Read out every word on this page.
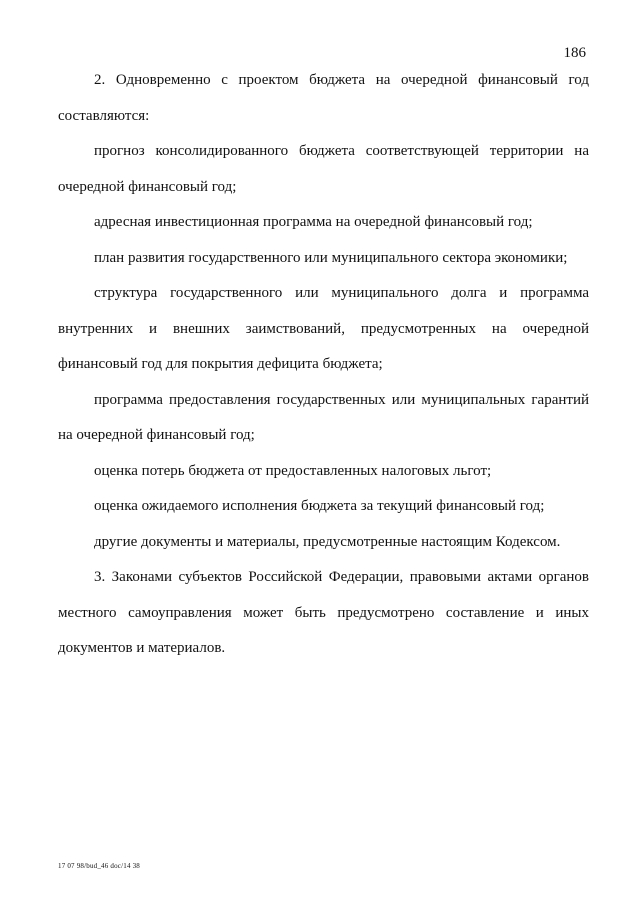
186

2. Одновременно с проектом бюджета на очередной финансовый год составляются:

прогноз консолидированного бюджета соответствующей территории на очередной финансовый год;

адресная инвестиционная программа на очередной финансовый год;

план развития государственного или муниципального сектора экономики;

структура государственного или муниципального долга и программа внутренних и внешних заимствований, предусмотренных на очередной финансовый год для покрытия дефицита бюджета;

программа предоставления государственных или муниципальных гарантий на очередной финансовый год;

оценка потерь бюджета от предоставленных налоговых льгот;

оценка ожидаемого исполнения бюджета за текущий финансовый год;

другие документы и материалы, предусмотренные настоящим Кодексом.

3. Законами субъектов Российской Федерации, правовыми актами органов местного самоуправления может быть предусмотрено составление и иных документов и материалов.

17 07 98/bud_46 doc/14 38
